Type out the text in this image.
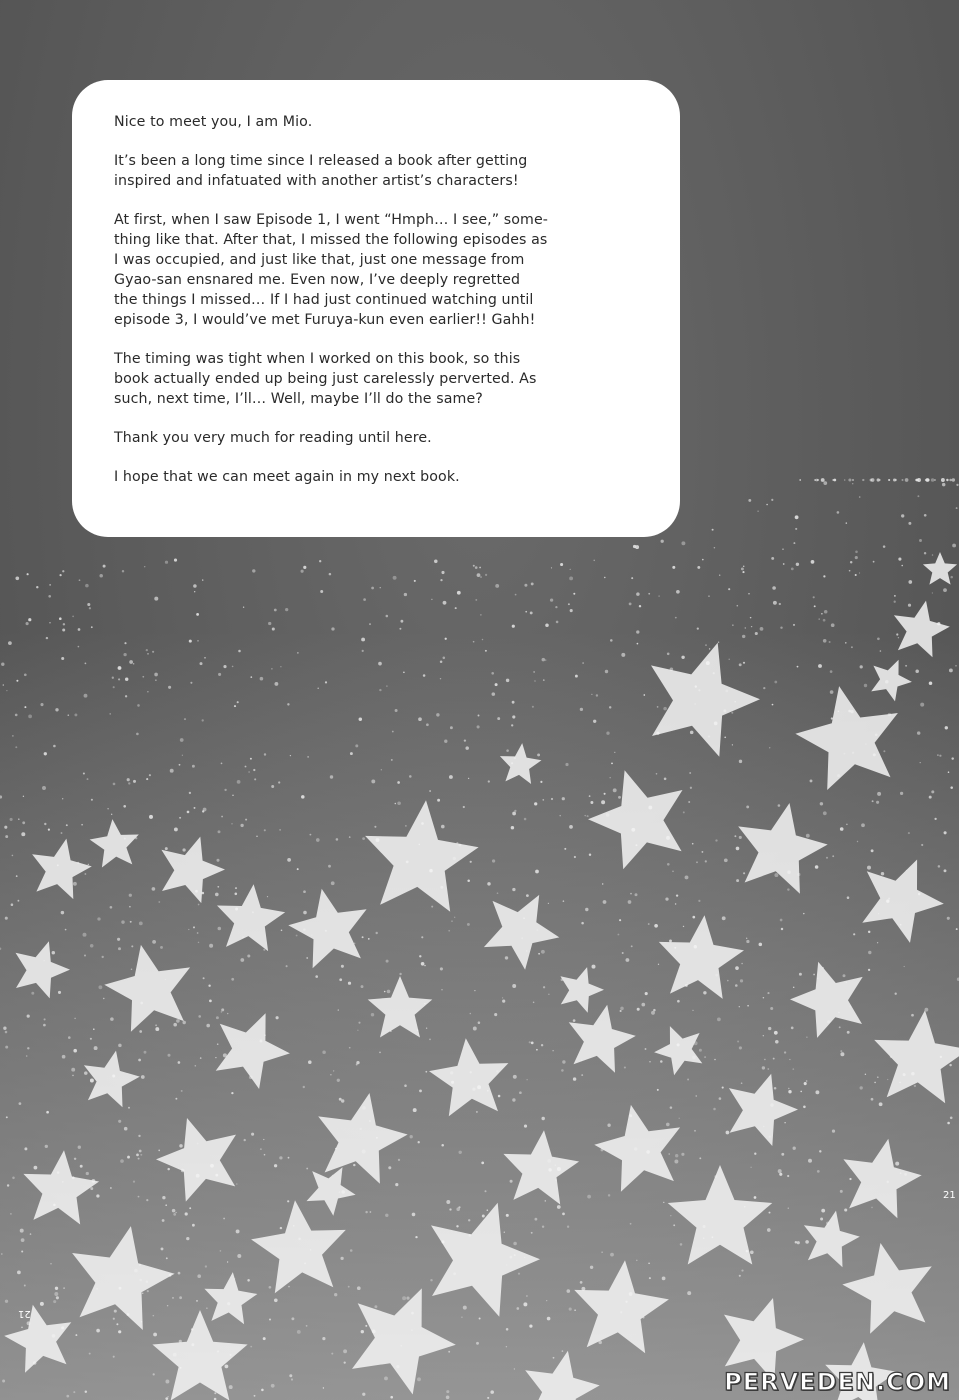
Nice to meet you, I am Mio.

It’s been a long time since I released a book after getting
inspired and infatuated with another artist’s characters!

At first, when I saw Episode 1, I went “Hmph… I see,” some-
thing like that. After that, I missed the following episodes as
I was occupied, and just like that, just one message from
Gyao-san ensnared me. Even now, I’ve deeply regretted
the things I missed… If I had just continued watching until
episode 3, I would’ve met Furuya-kun even earlier!! Gahh!

The timing was tight when I worked on this book, so this
book actually ended up being just carelessly perverted. As
such, next time, I’ll… Well, maybe I’ll do the same?

Thank you very much for reading until here.

I hope that we can meet again in my next book.

21
21
PERVEDEN.COM
